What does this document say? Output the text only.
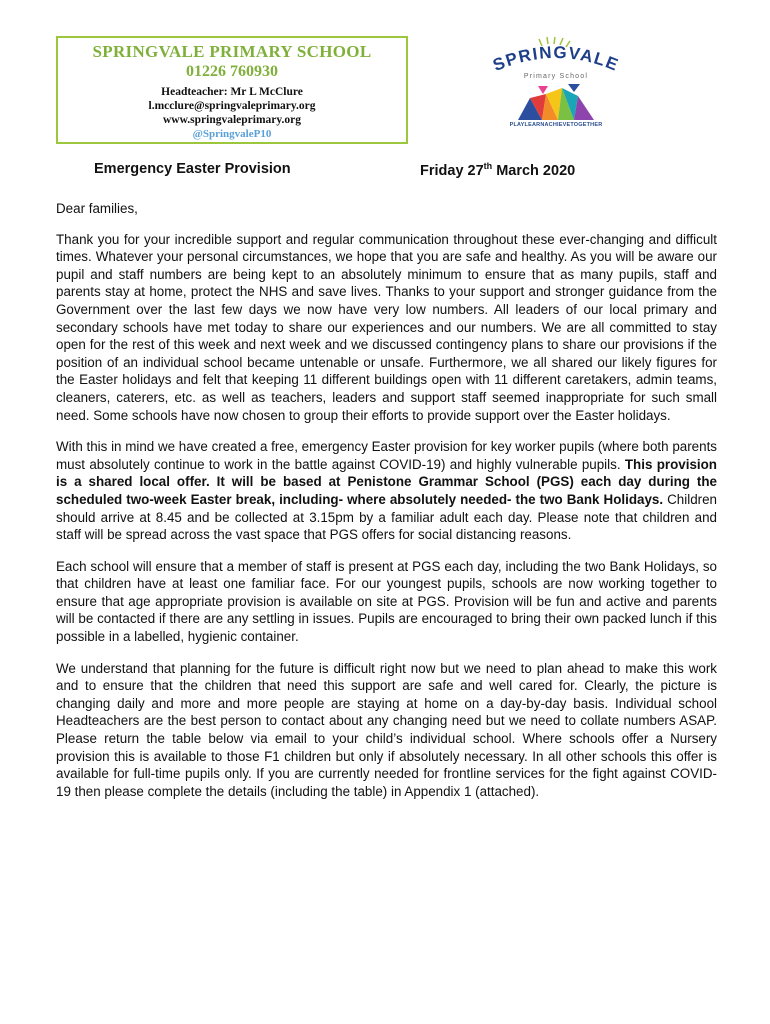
SPRINGVALE PRIMARY SCHOOL
01226 760930
Headteacher: Mr L McClure
l.mcclure@springvaleprimary.org
www.springvaleprimary.org
@SpringvaleP10
SPRINGVALE
Primary School
PLAYLEARNACHIEVETOGETHER
Emergency Easter Provision	Friday 27th March 2020

Dear families,

Thank you for your incredible support and regular communication throughout these ever-changing and difficult times. Whatever your personal circumstances, we hope that you are safe and healthy. As you will be aware our pupil and staff numbers are being kept to an absolutely minimum to ensure that as many pupils, staff and parents stay at home, protect the NHS and save lives. Thanks to your support and stronger guidance from the Government over the last few days we now have very low numbers. All leaders of our local primary and secondary schools have met today to share our experiences and our numbers. We are all committed to stay open for the rest of this week and next week and we discussed contingency plans to share our provisions if the position of an individual school became untenable or unsafe. Furthermore, we all shared our likely figures for the Easter holidays and felt that keeping 11 different buildings open with 11 different caretakers, admin teams, cleaners, caterers, etc. as well as teachers, leaders and support staff seemed inappropriate for such small need. Some schools have now chosen to group their efforts to provide support over the Easter holidays.

With this in mind we have created a free, emergency Easter provision for key worker pupils (where both parents must absolutely continue to work in the battle against COVID-19) and highly vulnerable pupils. This provision is a shared local offer. It will be based at Penistone Grammar School (PGS) each day during the scheduled two-week Easter break, including- where absolutely needed- the two Bank Holidays. Children should arrive at 8.45 and be collected at 3.15pm by a familiar adult each day. Please note that children and staff will be spread across the vast space that PGS offers for social distancing reasons.

Each school will ensure that a member of staff is present at PGS each day, including the two Bank Holidays, so that children have at least one familiar face. For our youngest pupils, schools are now working together to ensure that age appropriate provision is available on site at PGS. Provision will be fun and active and parents will be contacted if there are any settling in issues. Pupils are encouraged to bring their own packed lunch if this possible in a labelled, hygienic container.

We understand that planning for the future is difficult right now but we need to plan ahead to make this work and to ensure that the children that need this support are safe and well cared for. Clearly, the picture is changing daily and more and more people are staying at home on a day-by-day basis. Individual school Headteachers are the best person to contact about any changing need but we need to collate numbers ASAP. Please return the table below via email to your child’s individual school. Where schools offer a Nursery provision this is available to those F1 children but only if absolutely necessary. In all other schools this offer is available for full-time pupils only. If you are currently needed for frontline services for the fight against COVID-19 then please complete the details (including the table) in Appendix 1 (attached).
